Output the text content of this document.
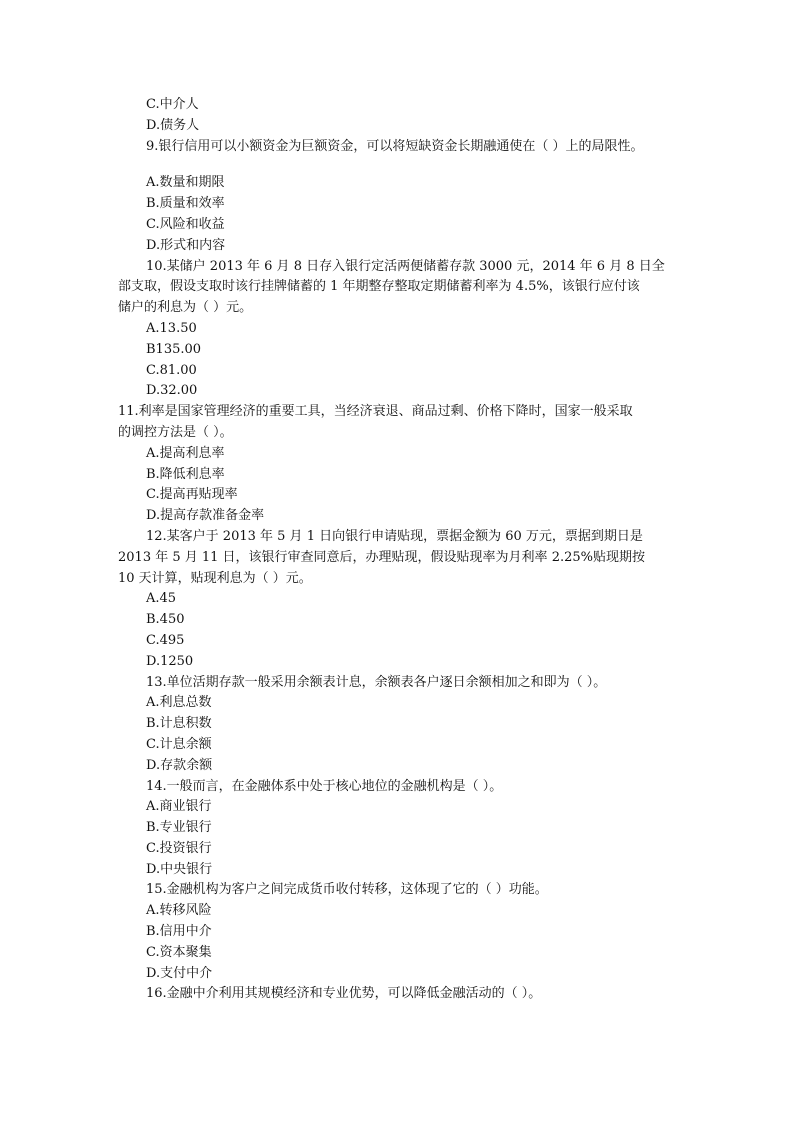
C.中介人
D.债务人
9.银行信用可以小额资金为巨额资金，可以将短缺资金长期融通使在（ ）上的局限性。
A.数量和期限
B.质量和效率
C.风险和收益
D.形式和内容
10.某储户 2013 年 6 月 8 日存入银行定活两便储蓄存款 3000 元，2014 年 6 月 8 日全
部支取，假设支取时该行挂牌储蓄的 1 年期整存整取定期储蓄利率为 4.5%，该银行应付该
储户的利息为（ ）元。
A.13.50
B135.00
C.81.00
D.32.00
11.利率是国家管理经济的重要工具，当经济衰退、商品过剩、价格下降时，国家一般采取
的调控方法是（ ）。
A.提高利息率
B.降低利息率
C.提高再贴现率
D.提高存款准备金率
12.某客户于 2013 年 5 月 1 日向银行申请贴现，票据金额为 60 万元，票据到期日是
2013 年 5 月 11 日，该银行审查同意后，办理贴现，假设贴现率为月利率 2.25%贴现期按
10 天计算，贴现利息为（ ）元。
A.45
B.450
C.495
D.1250
13.单位活期存款一般采用余额表计息，余额表各户逐日余额相加之和即为（ ）。
A.利息总数
B.计息积数
C.计息余额
D.存款余额
14.一般而言，在金融体系中处于核心地位的金融机构是（ ）。
A.商业银行
B.专业银行
C.投资银行
D.中央银行
15.金融机构为客户之间完成货币收付转移，这体现了它的（ ）功能。
A.转移风险
B.信用中介
C.资本聚集
D.支付中介
16.金融中介利用其规模经济和专业优势，可以降低金融活动的（ ）。
